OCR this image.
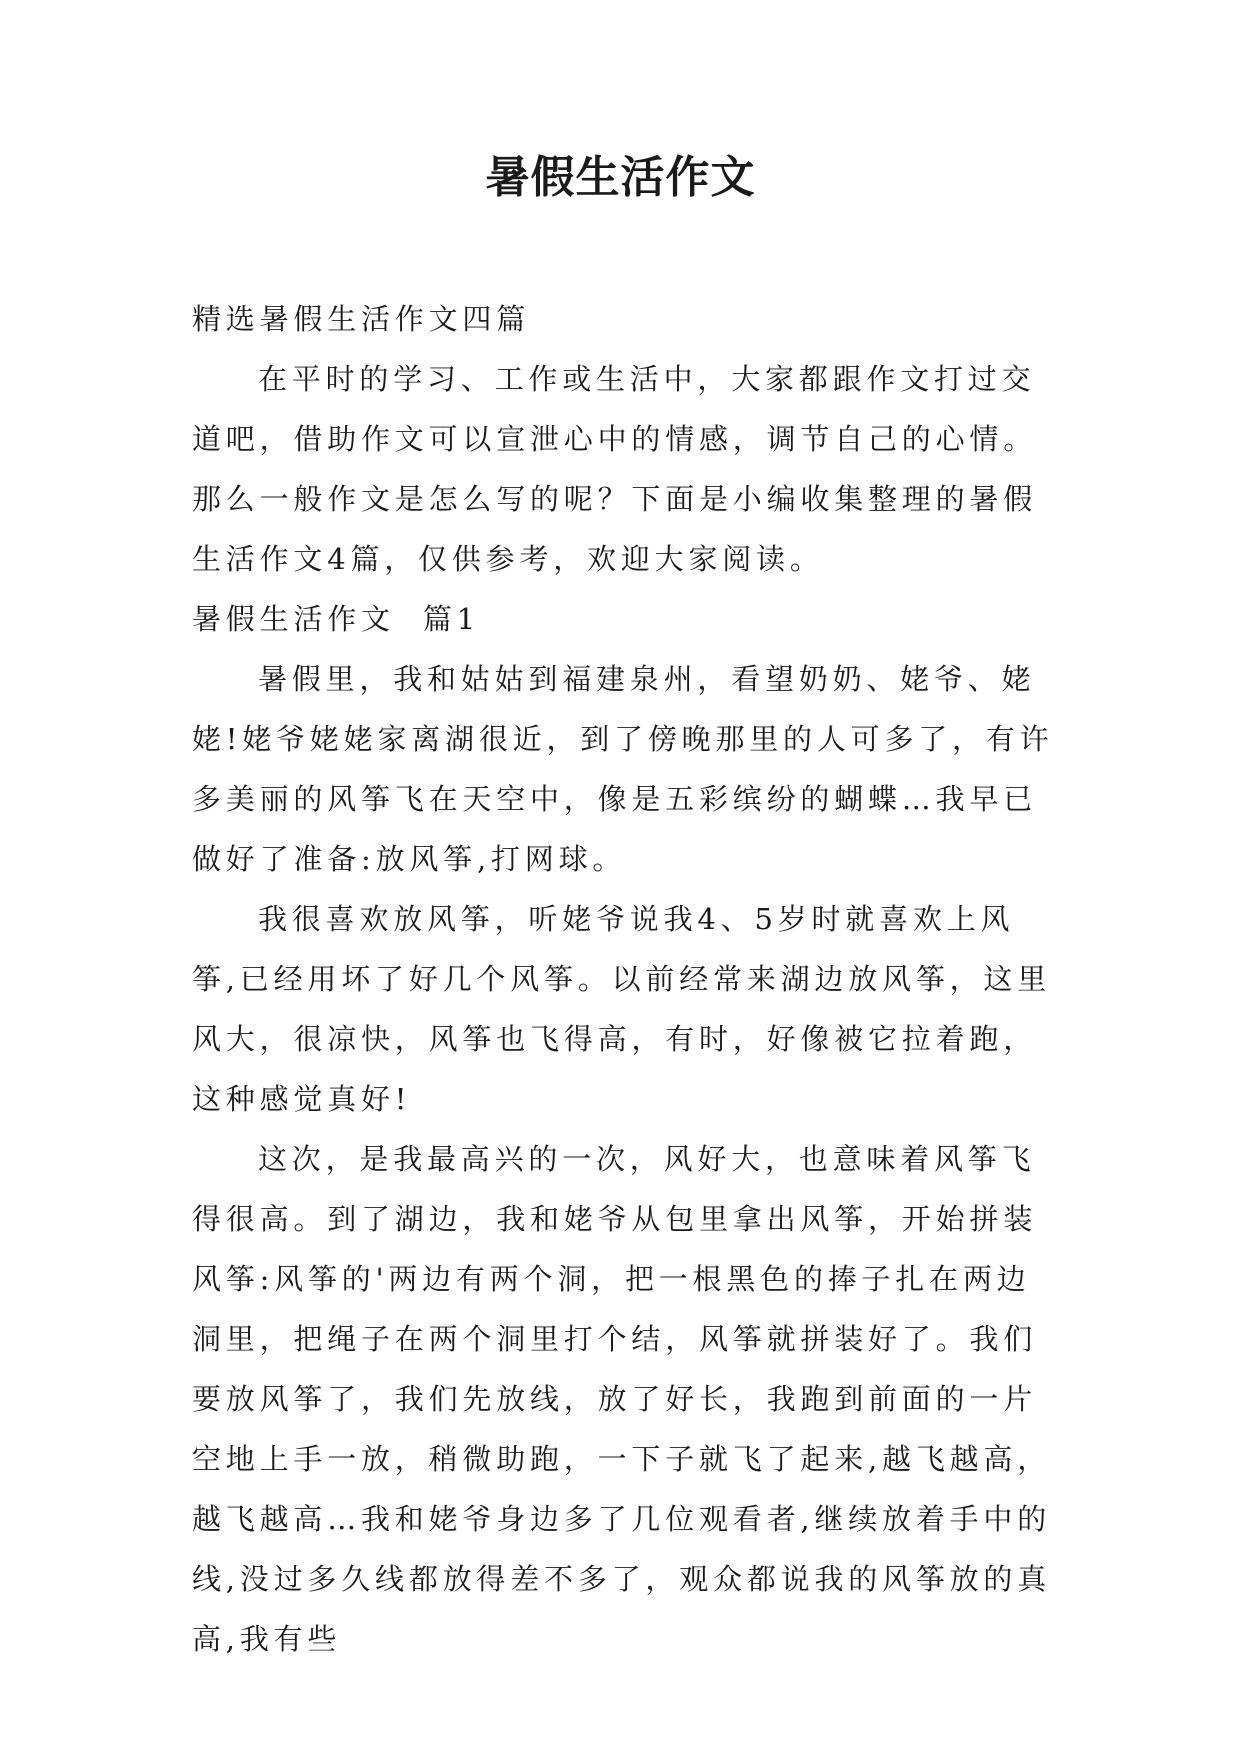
暑假生活作文

精选暑假生活作文四篇

在平时的学习、工作或生活中，大家都跟作文打过交道吧，借助作文可以宣泄心中的情感，调节自己的心情。那么一般作文是怎么写的呢？下面是小编收集整理的暑假生活作文4篇，仅供参考，欢迎大家阅读。

暑假生活作文  篇1

暑假里，我和姑姑到福建泉州，看望奶奶、姥爷、姥姥!姥爷姥姥家离湖很近，到了傍晚那里的人可多了，有许多美丽的风筝飞在天空中，像是五彩缤纷的蝴蝶…我早已做好了准备:放风筝,打网球。

我很喜欢放风筝，听姥爷说我4、5岁时就喜欢上风筝,已经用坏了好几个风筝。以前经常来湖边放风筝，这里风大，很凉快，风筝也飞得高，有时，好像被它拉着跑，这种感觉真好!

这次，是我最高兴的一次，风好大，也意味着风筝飞得很高。到了湖边，我和姥爷从包里拿出风筝，开始拼装风筝:风筝的'两边有两个洞，把一根黑色的捧子扎在两边洞里，把绳子在两个洞里打个结，风筝就拼装好了。我们要放风筝了，我们先放线，放了好长，我跑到前面的一片空地上手一放，稍微助跑，一下子就飞了起来,越飞越高，越飞越高…我和姥爷身边多了几位观看者,继续放着手中的线,没过多久线都放得差不多了，观众都说我的风筝放的真高,我有些
